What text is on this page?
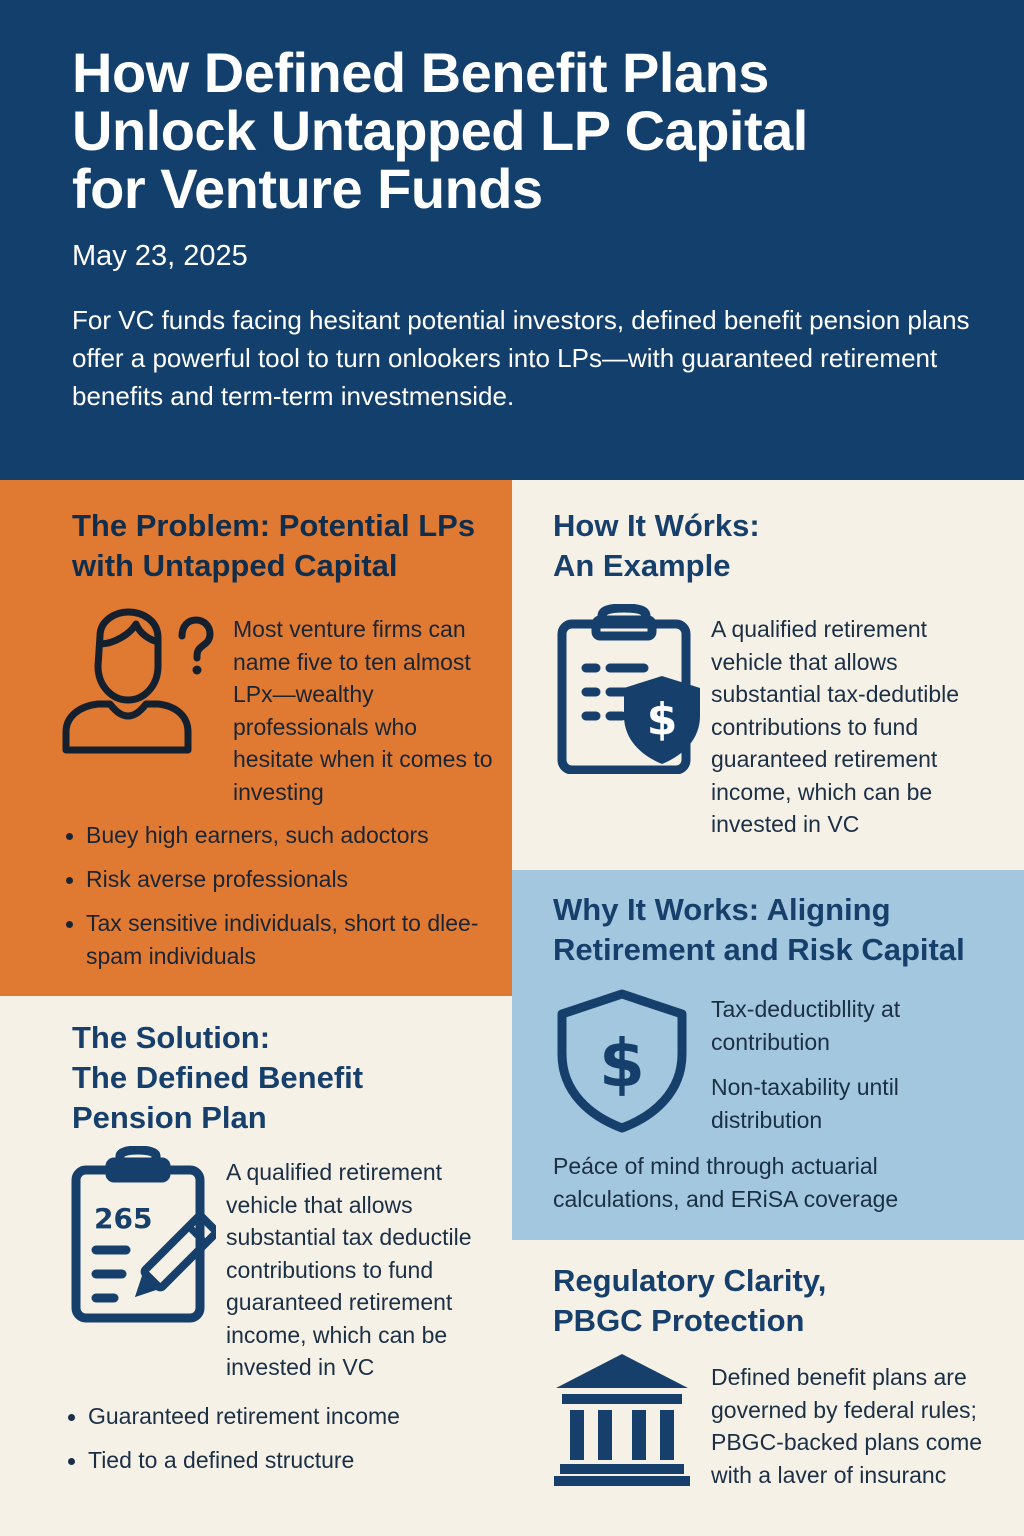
How Defined Benefit Plans
Unlock Untapped LP Capital
for Venture Funds
May 23, 2025

For VC funds facing hesitant potential investors, defined benefit pension plans offer a powerful tool to turn onlookers into LPs—with guaranteed retirement benefits and term-term investmenside.

The Problem: Potential LPs
with Untapped Capital

Most venture firms can name five to ten almost LPx—wealthy professionals who hesitate when it comes to investing

Buey high earners, such adoctors
Risk averse professionals
Tax sensitive individuals, short to dlee-spam individuals
How It Wórks:
An Example
$

A qualified retirement vehicle that allows substantial tax-dedutible contributions to fund guaranteed retirement income, which can be invested in VC

Why It Works: Aligning
Retirement and Risk Capital
$

Tax-deductibllity at contribution

Non-taxability until distribution

Peáce of mind through actuarial calculations, and ERiSA coverage

The Solution:
The Defined Benefit
Pension Plan
265

A qualified retirement vehicle that allows substantial tax deductile contributions to fund guaranteed retirement income, which can be invested in VC

Guaranteed retirement income
Tied to a defined structure
Regulatory Clarity,
PBGC Protection

Defined benefit plans are governed by federal rules; PBGC-backed plans come with a laver of insuranc
